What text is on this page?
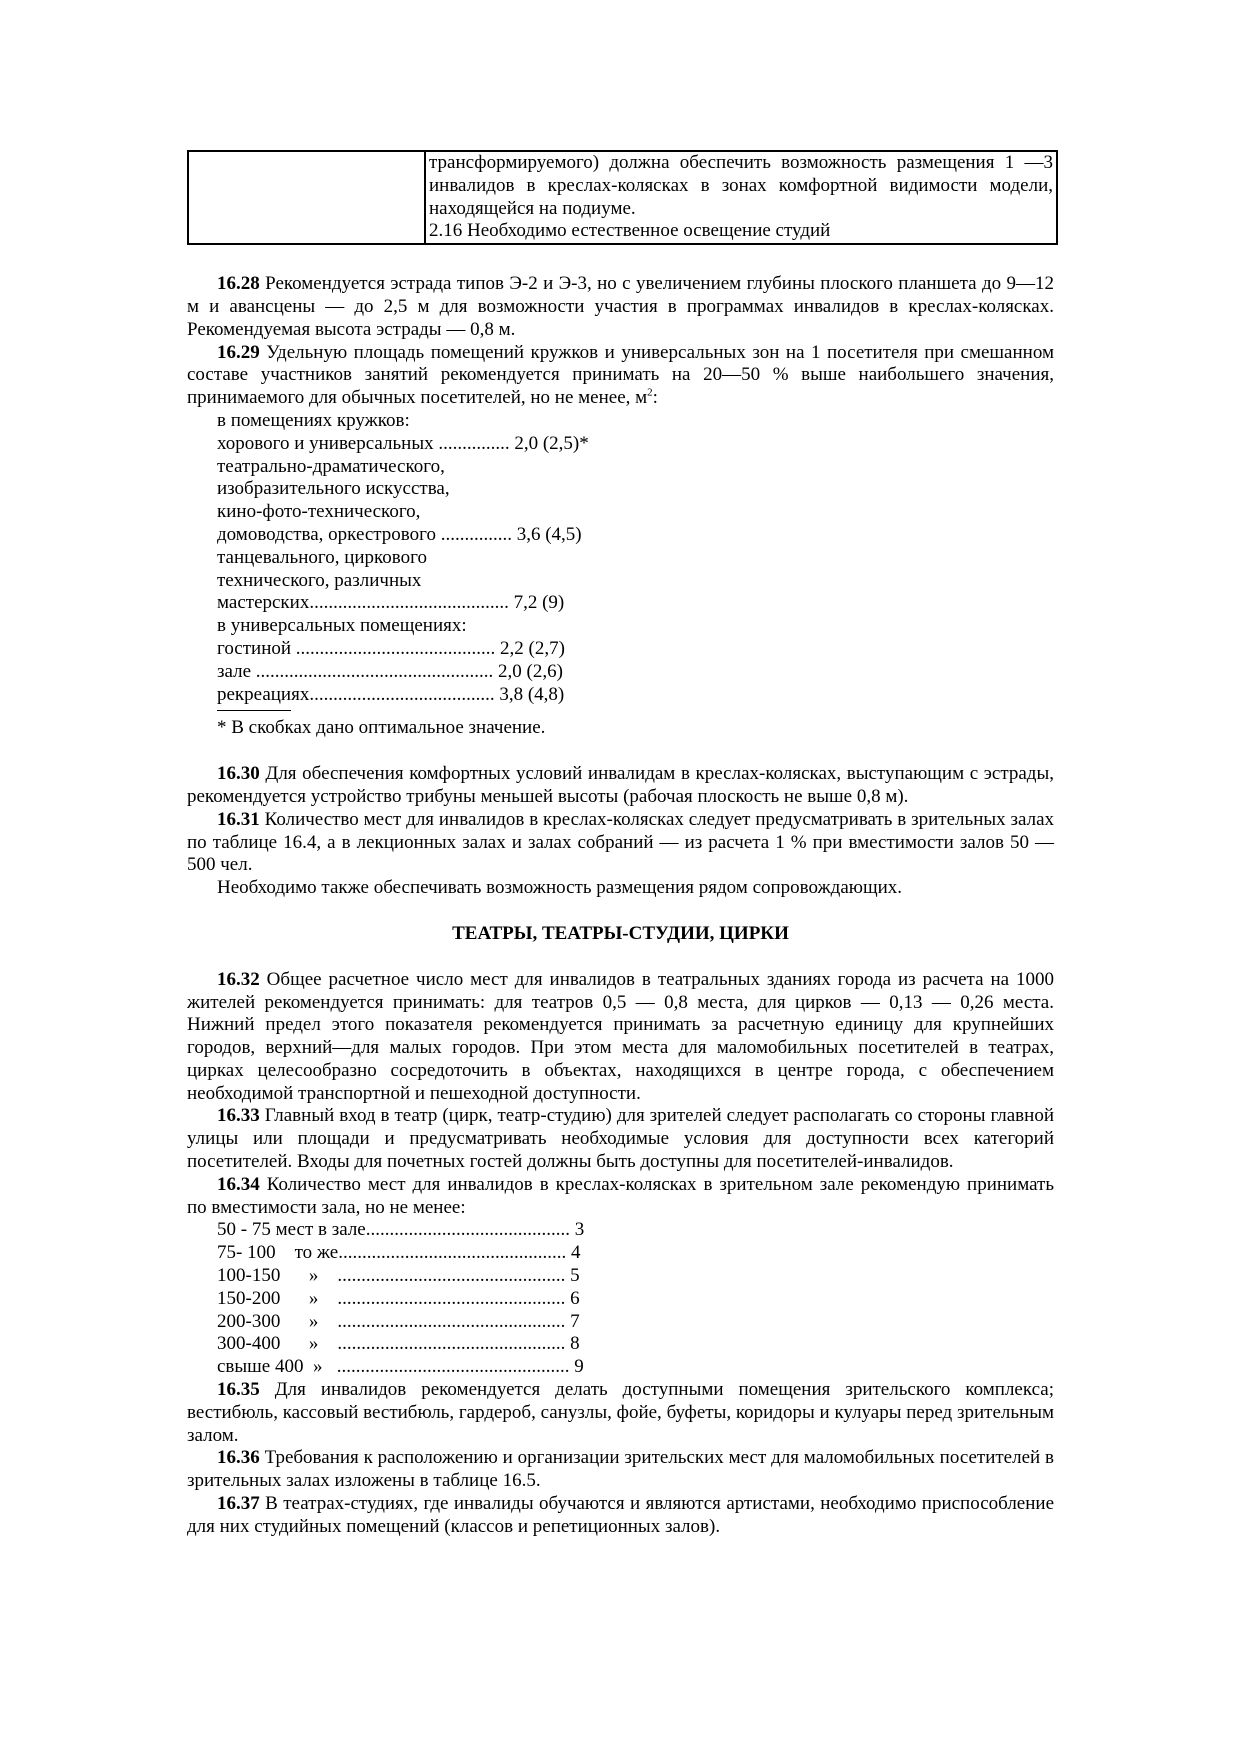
трансформируемого) должна обеспечить возможность размещения 1 —3 инвалидов в креслах-колясках в зонах комфортной видимости модели, находящейся на подиуме.
2.16 Необходимо естественное освещение студий

16.28 Рекомендуется эстрада типов Э-2 и Э-3, но с увеличением глубины плоского планшета до 9—12 м и авансцены — до 2,5 м для возможности участия в программах инвалидов в креслах-колясках. Рекомендуемая высота эстрады — 0,8 м.

16.29 Удельную площадь помещений кружков и универсальных зон на 1 посетителя при смешанном составе участников занятий рекомендуется принимать на 20—50 % выше наибольшего значения, принимаемого для обычных посетителей, но не менее, $м^2$:

в помещениях кружков:
хорового и универсальных ............... 2,0 (2,5)*
театрально-драматического,
изобразительного искусства,
кино-фото-технического,
домоводства, оркестрового ............... 3,6 (4,5)
танцевального, циркового
технического, различных
мастерских.......................................... 7,2 (9)
в универсальных помещениях:
гостиной .......................................... 2,2 (2,7)
зале .................................................. 2,0 (2,6)
рекреациях....................................... 3,8 (4,8)
* В скобках дано оптимальное значение.

16.30 Для обеспечения комфортных условий инвалидам в креслах-колясках, выступающим с эстрады, рекомендуется устройство трибуны меньшей высоты (рабочая плоскость не выше 0,8 м).

16.31 Количество мест для инвалидов в креслах-колясках следует предусматривать в зрительных залах по таблице 16.4, а в лекционных залах и залах собраний — из расчета 1 % при вместимости залов 50 — 500 чел.

Необходимо также обеспечивать возможность размещения рядом сопровождающих.

ТЕАТРЫ, ТЕАТРЫ-СТУДИИ, ЦИРКИ

16.32 Общее расчетное число мест для инвалидов в театральных зданиях города из расчета на 1000 жителей рекомендуется принимать: для театров 0,5 — 0,8 места, для цирков — 0,13 — 0,26 места. Нижний предел этого показателя рекомендуется принимать за расчетную единицу для крупнейших городов, верхний—для малых городов. При этом места для маломобильных посетителей в театрах, цирках целесообразно сосредоточить в объектах, находящихся в центре города, с обеспечением необходимой транспортной и пешеходной доступности.

16.33 Главный вход в театр (цирк, театр-студию) для зрителей следует располагать со стороны главной улицы или площади и предусматривать необходимые условия для доступности всех категорий посетителей. Входы для почетных гостей должны быть доступны для посетителей-инвалидов.

16.34 Количество мест для инвалидов в креслах-колясках в зрительном зале рекомендую принимать по вместимости зала, но не менее:

50 - 75 мест в зале........................................... 3
75- 100    то же................................................ 4
100-150      »    ................................................ 5
150-200      »    ................................................ 6
200-300      »    ................................................ 7
300-400      »    ................................................ 8
свыше 400  »   ................................................. 9

16.35 Для инвалидов рекомендуется делать доступными помещения зрительского комплекса; вестибюль, кассовый вестибюль, гардероб, санузлы, фойе, буфеты, коридоры и кулуары перед зрительным залом.

16.36 Требования к расположению и организации зрительских мест для маломобильных посетителей в зрительных залах изложены в таблице 16.5.

16.37 В театрах-студиях, где инвалиды обучаются и являются артистами, необходимо приспособление для них студийных помещений (классов и репетиционных залов).
